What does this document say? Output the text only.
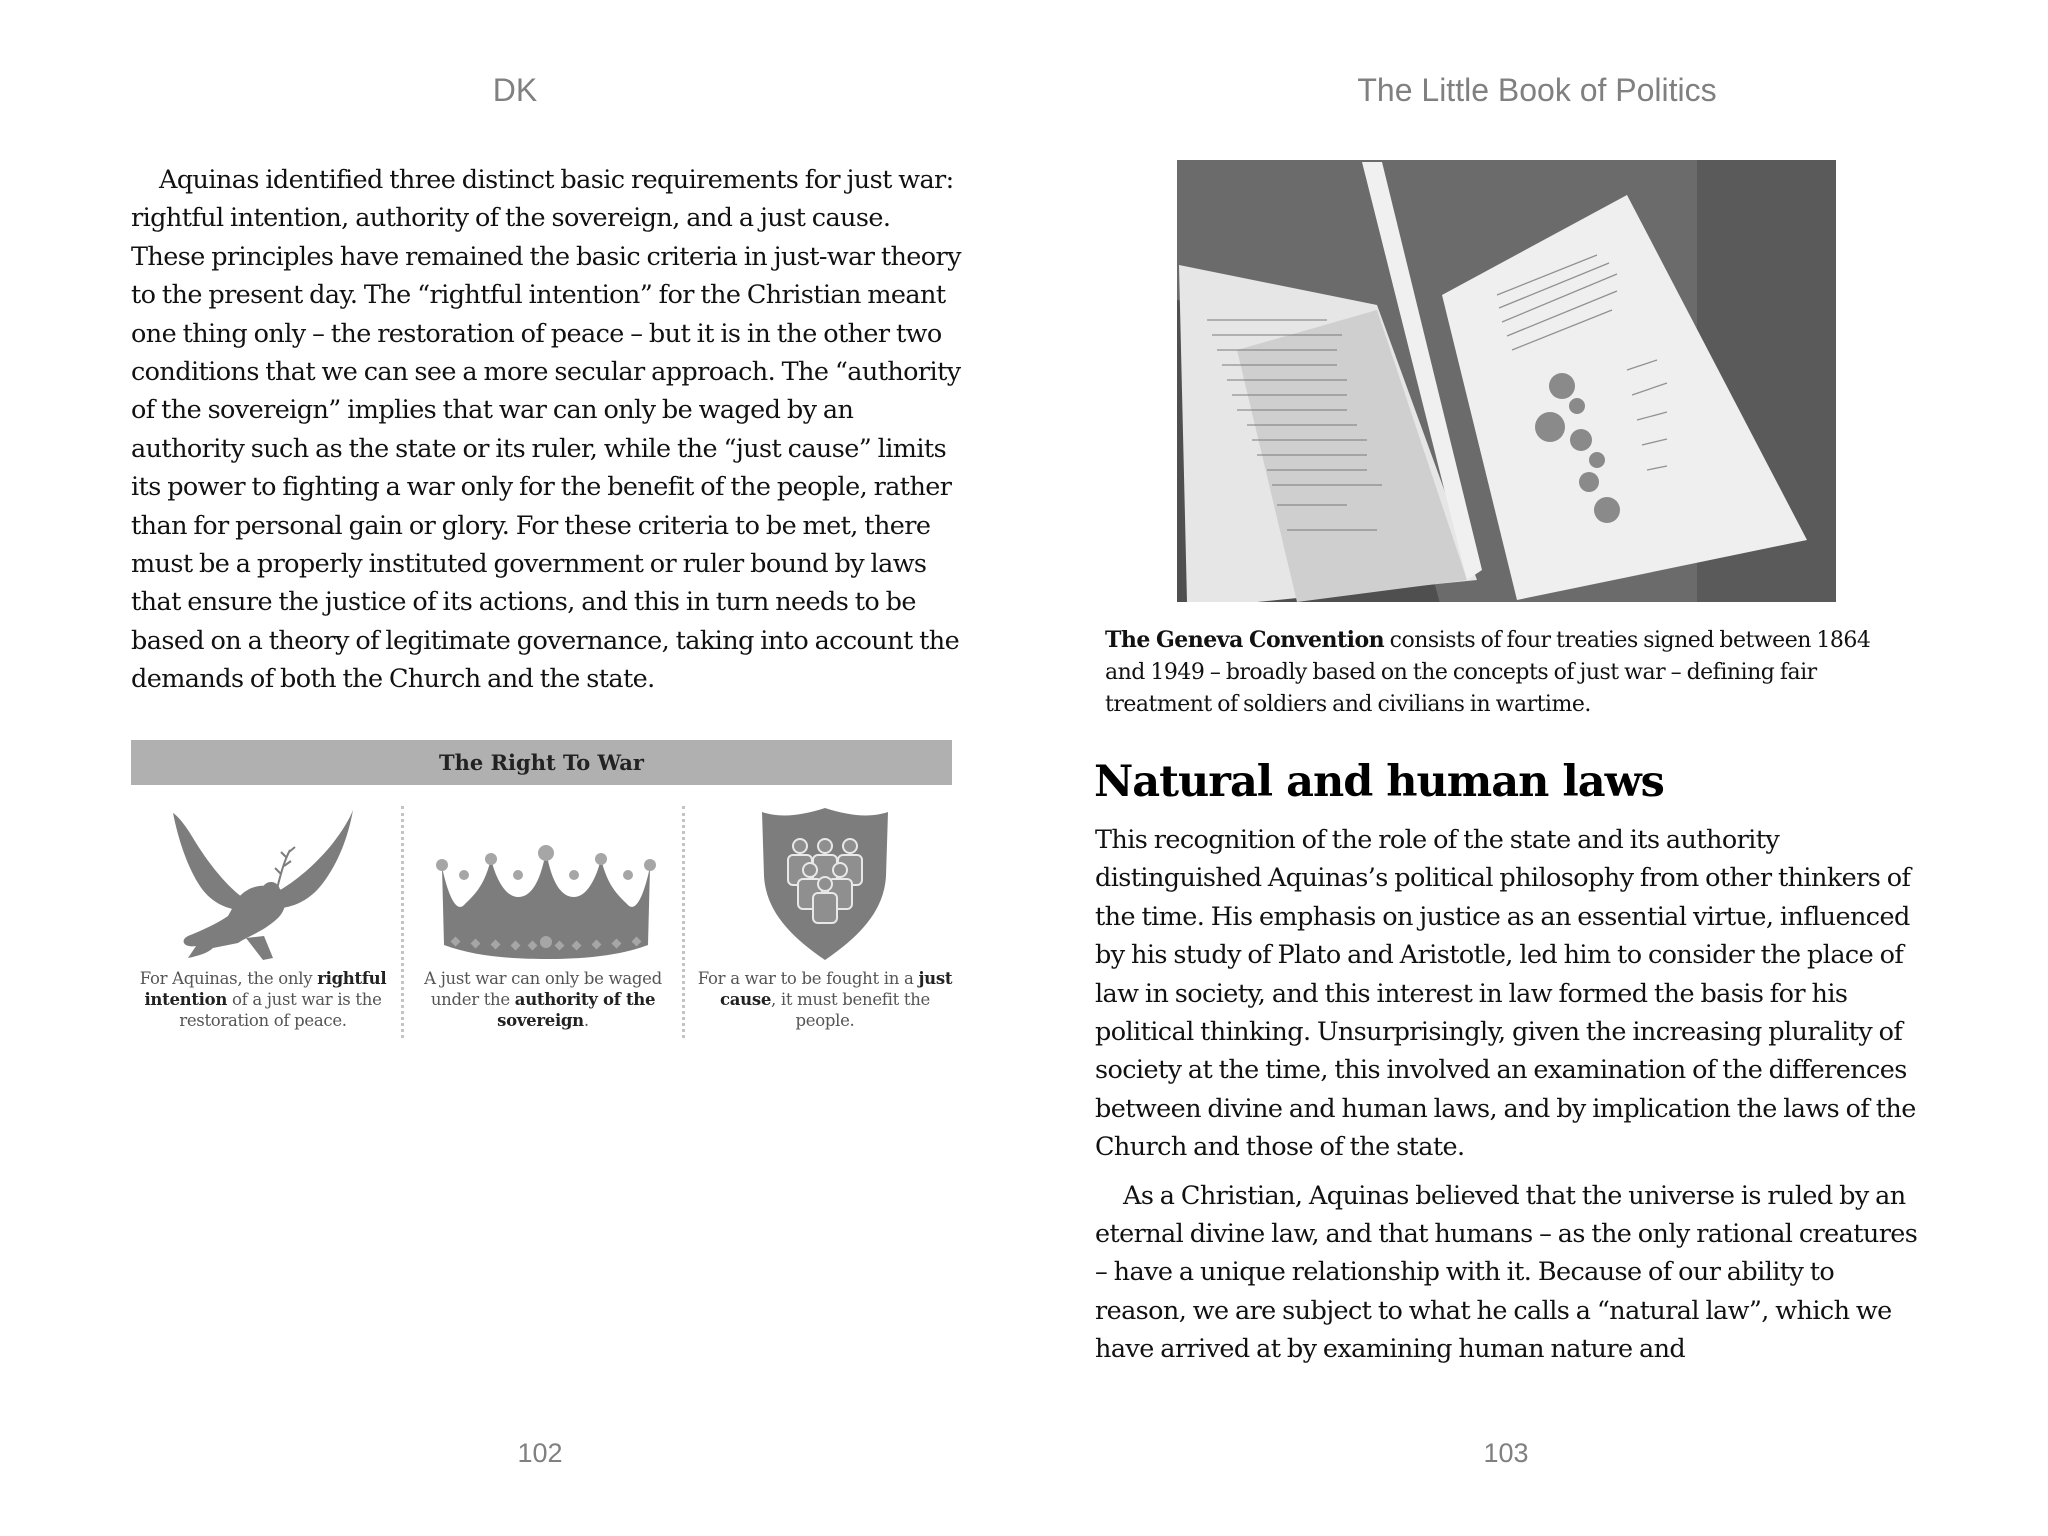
DK

Aquinas identified three distinct basic requirements for just war: rightful intention, authority of the sovereign, and a just cause. These principles have remained the basic criteria in just-war theory to the present day. The “rightful intention” for the Christian meant one thing only – the restoration of peace – but it is in the other two conditions that we can see a more secular approach. The “authority of the sovereign” implies that war can only be waged by an authority such as the state or its ruler, while the “just cause” limits its power to fighting a war only for the benefit of the people, rather than for personal gain or glory. For these criteria to be met, there must be a properly instituted government or ruler bound by laws that ensure the justice of its actions, and this in turn needs to be based on a theory of legitimate governance, taking into account the demands of both the Church and the state.

The Right To War
For Aquinas, the only rightful intention of a just war is the restoration of peace.
A just war can only be waged under the authority of the sovereign.
For a war to be fought in a just cause, it must benefit the people.
102
The Little Book of Politics

The Geneva Convention consists of four treaties signed between 1864 and 1949 – broadly based on the concepts of just war – defining fair treatment of soldiers and civilians in wartime.

Natural and human laws

This recognition of the role of the state and its authority distinguished Aquinas’s political philosophy from other thinkers of the time. His emphasis on justice as an essential virtue, influenced by his study of Plato and Aristotle, led him to consider the place of law in society, and this interest in law formed the basis for his political thinking. Unsurprisingly, given the increasing plurality of society at the time, this involved an examination of the differences between divine and human laws, and by implication the laws of the Church and those of the state.

As a Christian, Aquinas believed that the universe is ruled by an eternal divine law, and that humans – as the only rational creatures – have a unique relationship with it. Because of our ability to reason, we are subject to what he calls a “natural law”, which we have arrived at by examining human nature and

103
